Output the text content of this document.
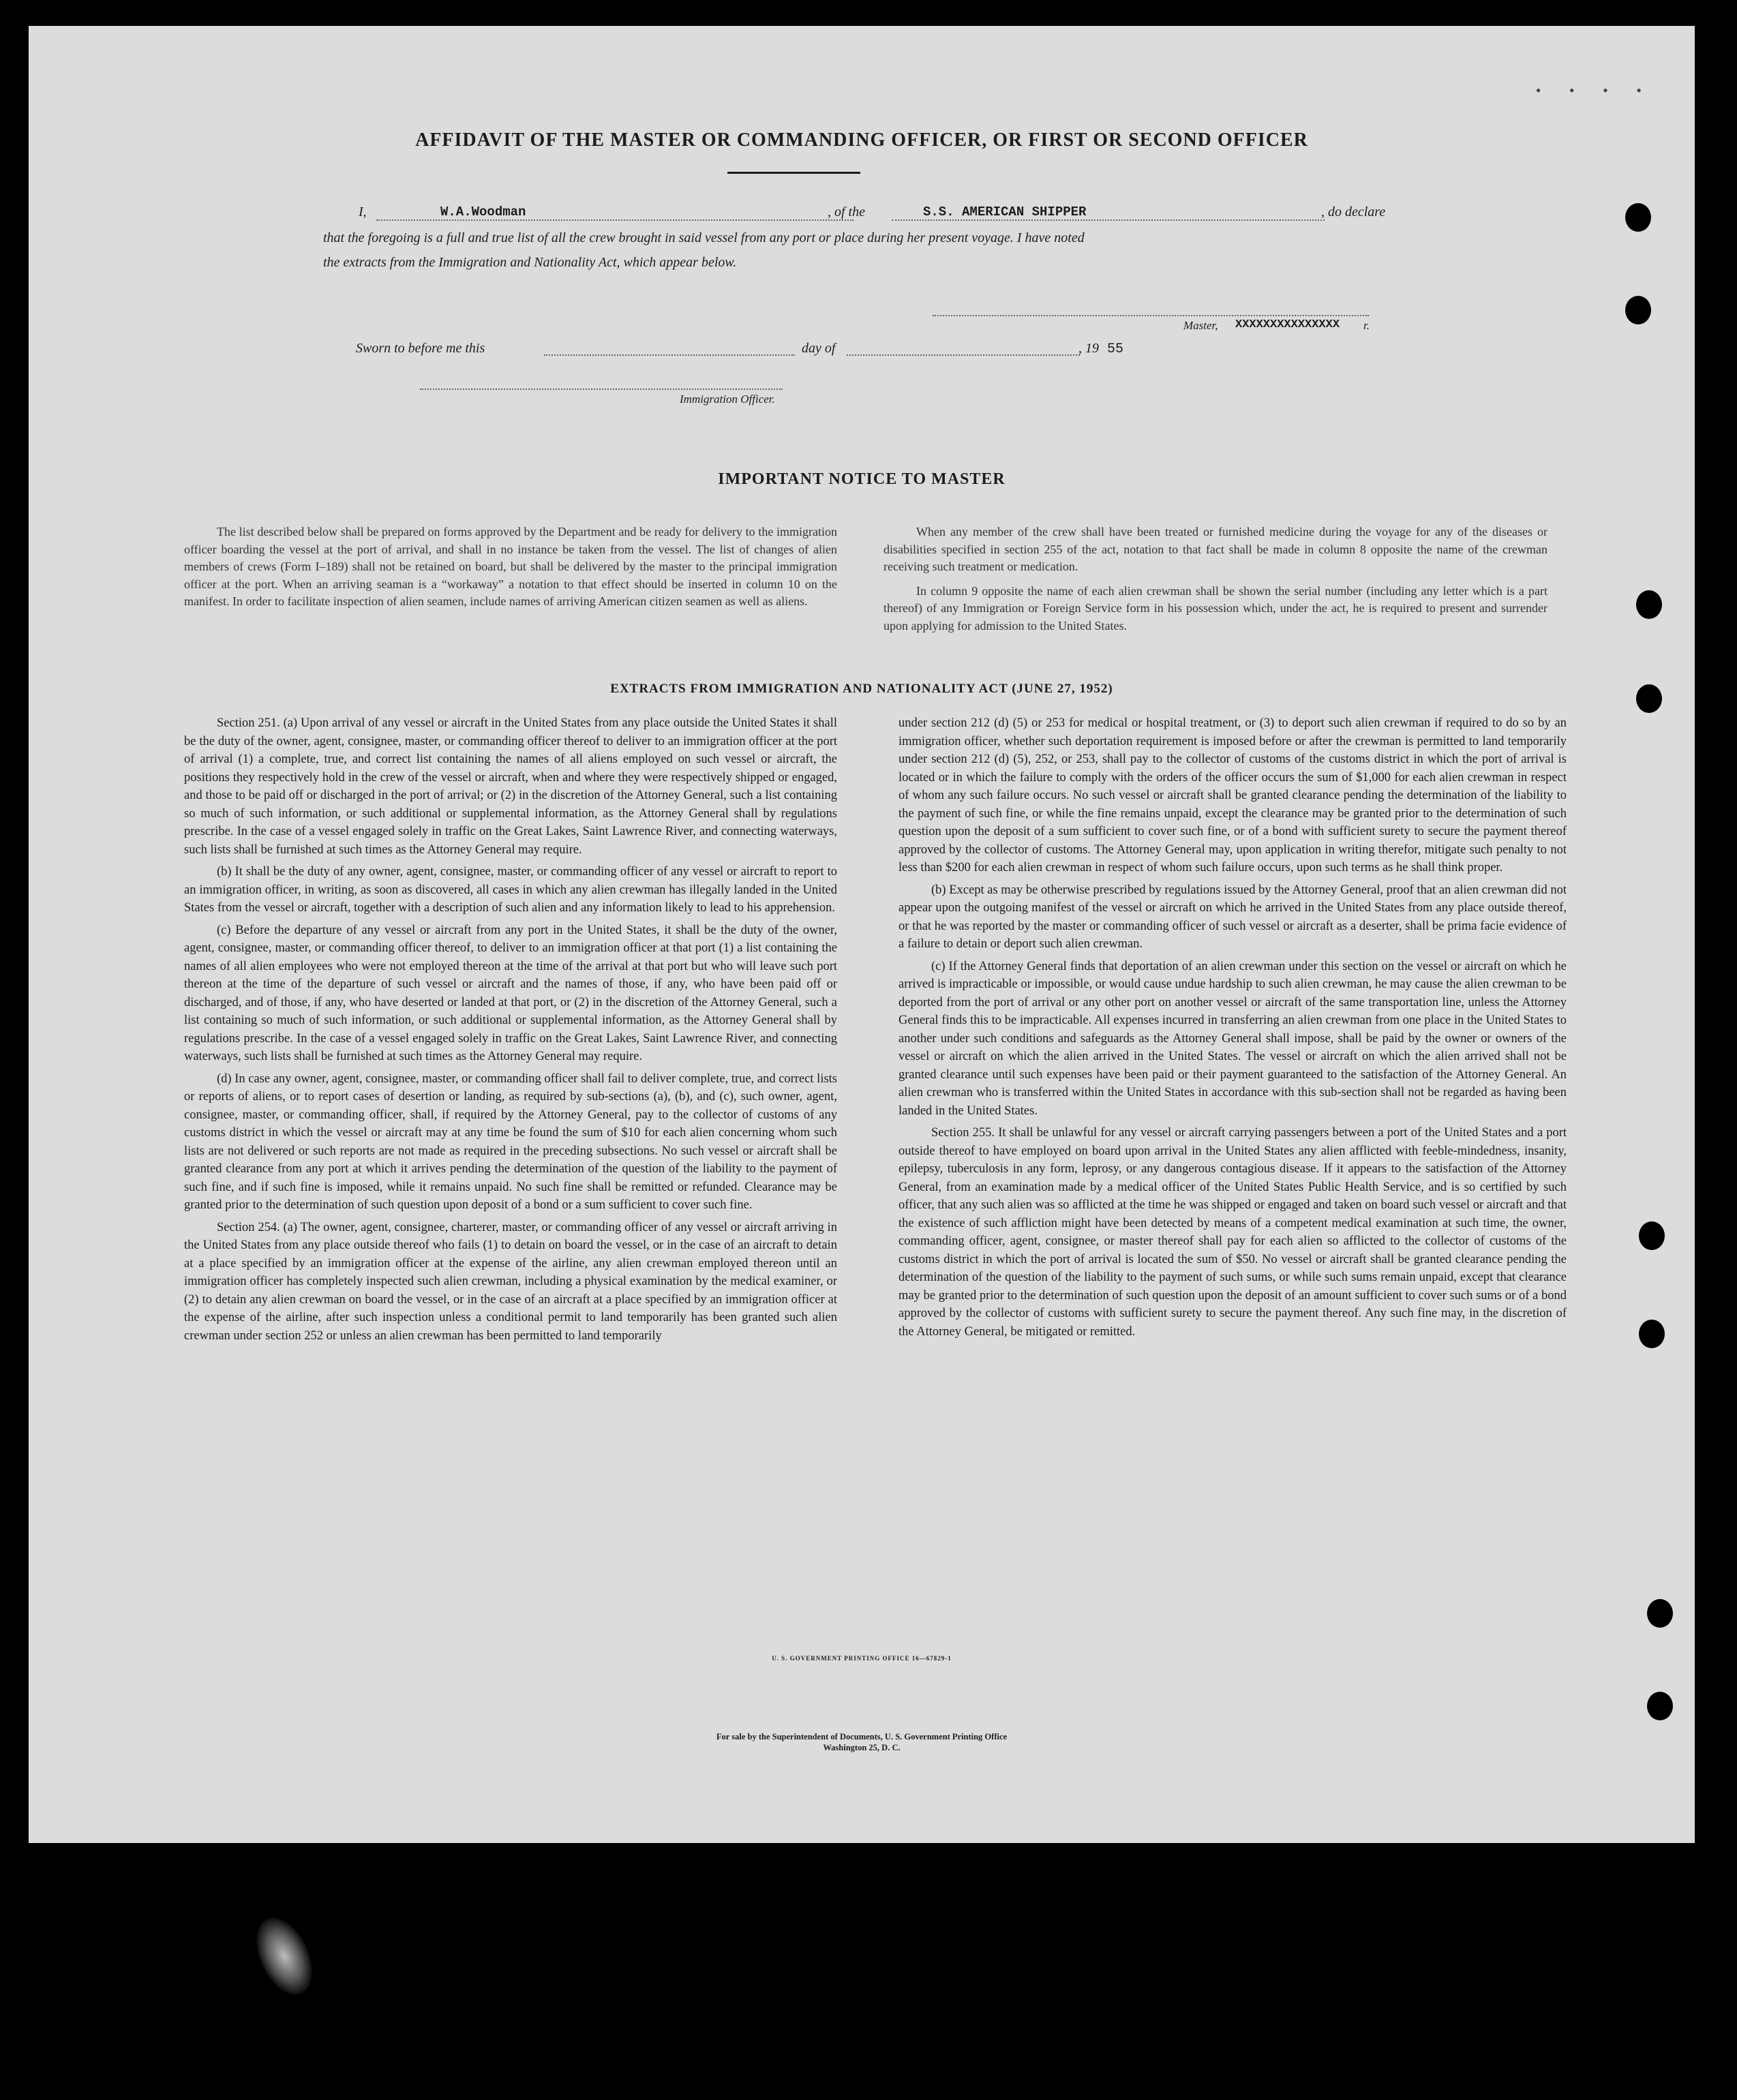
• • • •
AFFIDAVIT OF THE MASTER OR COMMANDING OFFICER, OR FIRST OR SECOND OFFICER
I,	W.A.Woodman	, of the	S.S. AMERICAN SHIPPER	, do declare
that the foregoing is a full and true list of all the crew brought in said vessel from any port or place during her present voyage. I have noted
the extracts from the Immigration and Nationality Act, which appear below.
Master, XXXXXXXXXXXXXXX r.
Sworn to before me this	day of	, 19 55
Immigration Officer.
IMPORTANT NOTICE TO MASTER

The list described below shall be prepared on forms approved by the Department and be ready for delivery to the immigration officer boarding the vessel at the port of arrival, and shall in no instance be taken from the vessel. The list of changes of alien members of crews (Form I–189) shall not be retained on board, but shall be delivered by the master to the principal immigration officer at the port. When an arriving seaman is a “workaway” a notation to that effect should be inserted in column 10 on the manifest. In order to facilitate inspection of alien seamen, include names of arriving American citizen seamen as well as aliens.

When any member of the crew shall have been treated or furnished medicine during the voyage for any of the diseases or disabilities specified in section 255 of the act, notation to that fact shall be made in column 8 opposite the name of the crewman receiving such treatment or medication.

In column 9 opposite the name of each alien crewman shall be shown the serial number (including any letter which is a part thereof) of any Immigration or Foreign Service form in his possession which, under the act, he is required to present and surrender upon applying for admission to the United States.

EXTRACTS FROM IMMIGRATION AND NATIONALITY ACT (JUNE 27, 1952)

Section 251. (a) Upon arrival of any vessel or aircraft in the United States from any place outside the United States it shall be the duty of the owner, agent, consignee, master, or commanding officer thereof to deliver to an immigration officer at the port of arrival (1) a complete, true, and correct list containing the names of all aliens employed on such vessel or aircraft, the positions they respectively hold in the crew of the vessel or aircraft, when and where they were respectively shipped or engaged, and those to be paid off or discharged in the port of arrival; or (2) in the discretion of the Attorney General, such a list containing so much of such information, or such additional or supplemental information, as the Attorney General shall by regulations prescribe. In the case of a vessel engaged solely in traffic on the Great Lakes, Saint Lawrence River, and connecting waterways, such lists shall be furnished at such times as the Attorney General may require.

(b) It shall be the duty of any owner, agent, consignee, master, or commanding officer of any vessel or aircraft to report to an immigration officer, in writing, as soon as discovered, all cases in which any alien crewman has illegally landed in the United States from the vessel or aircraft, together with a description of such alien and any information likely to lead to his apprehension.

(c) Before the departure of any vessel or aircraft from any port in the United States, it shall be the duty of the owner, agent, consignee, master, or commanding officer thereof, to deliver to an immigration officer at that port (1) a list containing the names of all alien employees who were not employed thereon at the time of the arrival at that port but who will leave such port thereon at the time of the departure of such vessel or aircraft and the names of those, if any, who have been paid off or discharged, and of those, if any, who have deserted or landed at that port, or (2) in the discretion of the Attorney General, such a list containing so much of such information, or such additional or supplemental information, as the Attorney General shall by regulations prescribe. In the case of a vessel engaged solely in traffic on the Great Lakes, Saint Lawrence River, and connecting waterways, such lists shall be furnished at such times as the Attorney General may require.

(d) In case any owner, agent, consignee, master, or commanding officer shall fail to deliver complete, true, and correct lists or reports of aliens, or to report cases of desertion or landing, as required by sub-sections (a), (b), and (c), such owner, agent, consignee, master, or commanding officer, shall, if required by the Attorney General, pay to the collector of customs of any customs district in which the vessel or aircraft may at any time be found the sum of $10 for each alien concerning whom such lists are not delivered or such reports are not made as required in the preceding subsections. No such vessel or aircraft shall be granted clearance from any port at which it arrives pending the determination of the question of the liability to the payment of such fine, and if such fine is imposed, while it remains unpaid. No such fine shall be remitted or refunded. Clearance may be granted prior to the determination of such question upon deposit of a bond or a sum sufficient to cover such fine.

Section 254. (a) The owner, agent, consignee, charterer, master, or commanding officer of any vessel or aircraft arriving in the United States from any place outside thereof who fails (1) to detain on board the vessel, or in the case of an aircraft to detain at a place specified by an immigration officer at the expense of the airline, any alien crewman employed thereon until an immigration officer has completely inspected such alien crewman, including a physical examination by the medical examiner, or (2) to detain any alien crewman on board the vessel, or in the case of an aircraft at a place specified by an immigration officer at the expense of the airline, after such inspection unless a conditional permit to land temporarily has been granted such alien crewman under section 252 or unless an alien crewman has been permitted to land temporarily

under section 212 (d) (5) or 253 for medical or hospital treatment, or (3) to deport such alien crewman if required to do so by an immigration officer, whether such deportation requirement is imposed before or after the crewman is permitted to land temporarily under section 212 (d) (5), 252, or 253, shall pay to the collector of customs of the customs district in which the port of arrival is located or in which the failure to comply with the orders of the officer occurs the sum of $1,000 for each alien crewman in respect of whom any such failure occurs. No such vessel or aircraft shall be granted clearance pending the determination of the liability to the payment of such fine, or while the fine remains unpaid, except the clearance may be granted prior to the determination of such question upon the deposit of a sum sufficient to cover such fine, or of a bond with sufficient surety to secure the payment thereof approved by the collector of customs. The Attorney General may, upon application in writing therefor, mitigate such penalty to not less than $200 for each alien crewman in respect of whom such failure occurs, upon such terms as he shall think proper.

(b) Except as may be otherwise prescribed by regulations issued by the Attorney General, proof that an alien crewman did not appear upon the outgoing manifest of the vessel or aircraft on which he arrived in the United States from any place outside thereof, or that he was reported by the master or commanding officer of such vessel or aircraft as a deserter, shall be prima facie evidence of a failure to detain or deport such alien crewman.

(c) If the Attorney General finds that deportation of an alien crewman under this section on the vessel or aircraft on which he arrived is impracticable or impossible, or would cause undue hardship to such alien crewman, he may cause the alien crewman to be deported from the port of arrival or any other port on another vessel or aircraft of the same transportation line, unless the Attorney General finds this to be impracticable. All expenses incurred in transferring an alien crewman from one place in the United States to another under such conditions and safeguards as the Attorney General shall impose, shall be paid by the owner or owners of the vessel or aircraft on which the alien arrived in the United States. The vessel or aircraft on which the alien arrived shall not be granted clearance until such expenses have been paid or their payment guaranteed to the satisfaction of the Attorney General. An alien crewman who is transferred within the United States in accordance with this sub-section shall not be regarded as having been landed in the United States.

Section 255. It shall be unlawful for any vessel or aircraft carrying passengers between a port of the United States and a port outside thereof to have employed on board upon arrival in the United States any alien afflicted with feeble-mindedness, insanity, epilepsy, tuberculosis in any form, leprosy, or any dangerous contagious disease. If it appears to the satisfaction of the Attorney General, from an examination made by a medical officer of the United States Public Health Service, and is so certified by such officer, that any such alien was so afflicted at the time he was shipped or engaged and taken on board such vessel or aircraft and that the existence of such affliction might have been detected by means of a competent medical examination at such time, the owner, commanding officer, agent, consignee, or master thereof shall pay for each alien so afflicted to the collector of customs of the customs district in which the port of arrival is located the sum of $50. No vessel or aircraft shall be granted clearance pending the determination of the question of the liability to the payment of such sums, or while such sums remain unpaid, except that clearance may be granted prior to the determination of such question upon the deposit of an amount sufficient to cover such sums or of a bond approved by the collector of customs with sufficient surety to secure the payment thereof. Any such fine may, in the discretion of the Attorney General, be mitigated or remitted.

U. S. GOVERNMENT PRINTING OFFICE 16—67829-1
For sale by the Superintendent of Documents, U. S. Government Printing Office
Washington 25, D. C.
